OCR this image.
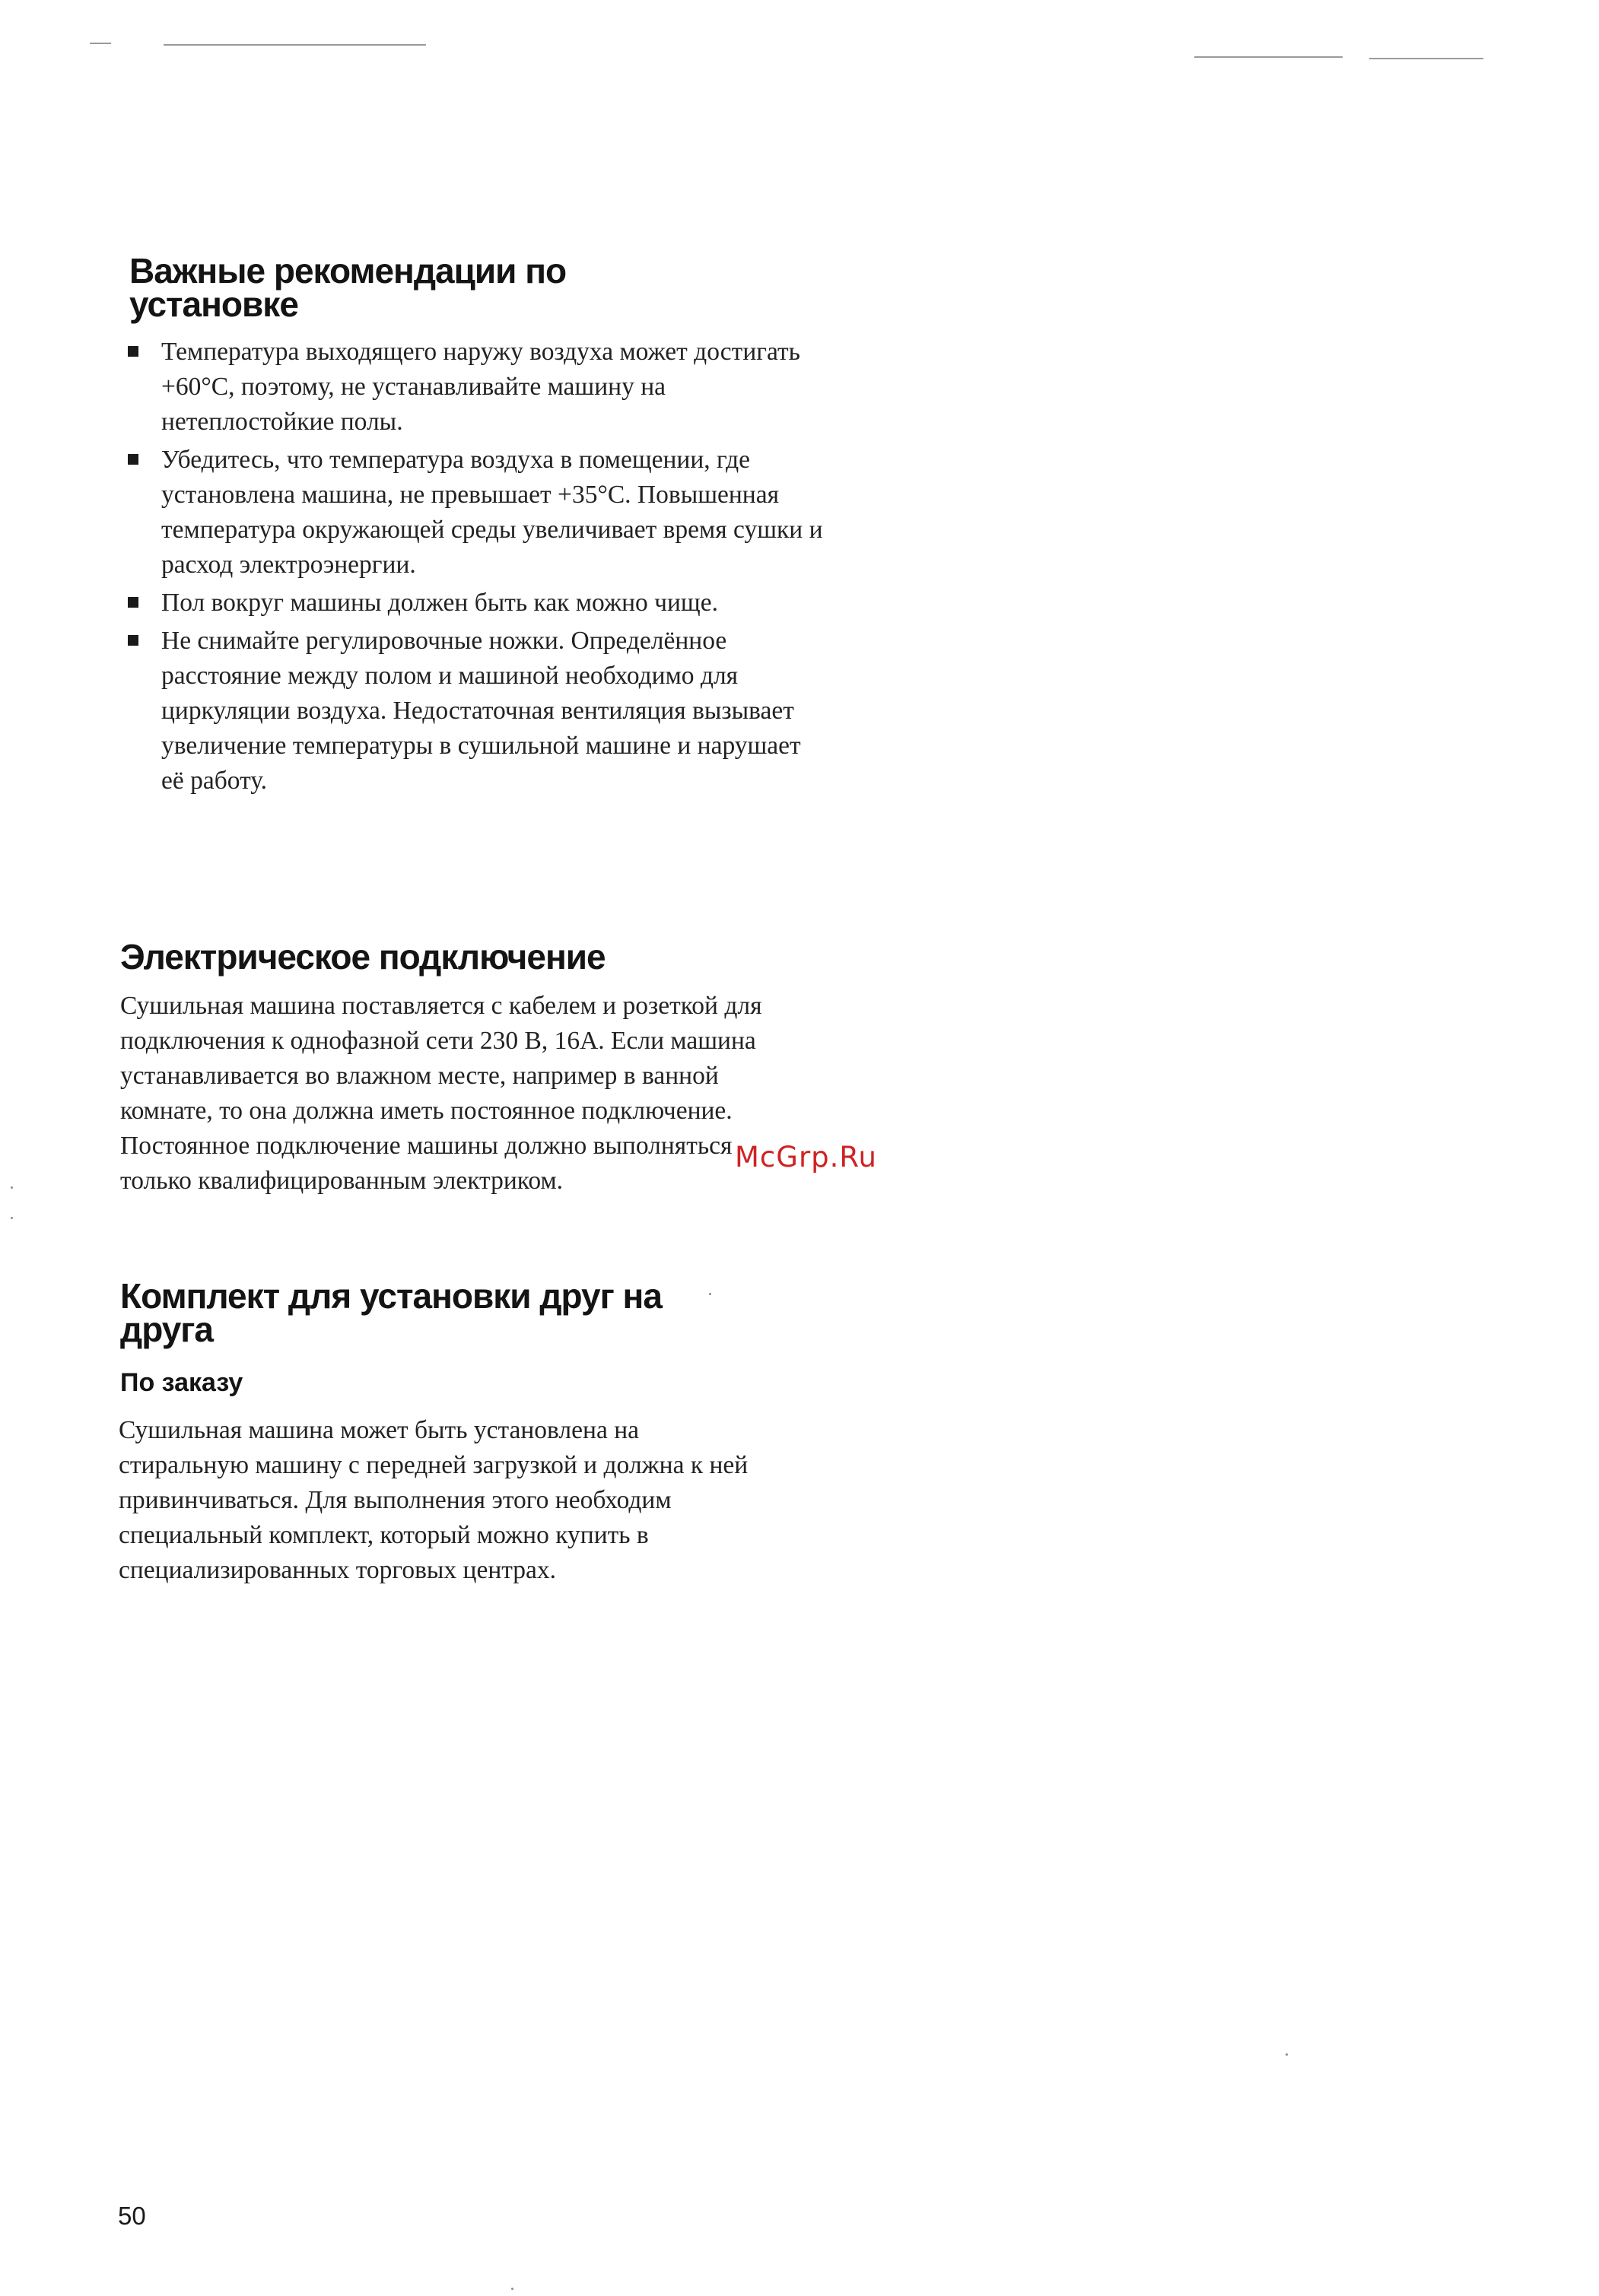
Важные рекомендации по установке
Температура выходящего наружу воздуха может достигать +60°C, поэтому, не устанавливайте машину на нетеплостойкие полы.
Убедитесь, что температура воздуха в помещении, где установлена машина, не превышает +35°C. Повышенная температура окружающей среды увеличивает время сушки и расход электроэнергии.
Пол вокруг машины должен быть как можно чище.
Не снимайте регулировочные ножки. Определённое расстояние между полом и машиной необходимо для циркуляции воздуха. Недостаточная вентиляция вызывает увеличение температуры в сушильной машине и нарушает её работу.
Электрическое подключение

Сушильная машина поставляется с кабелем и розеткой для подключения к однофазной сети 230 В, 16А. Если машина устанавливается во влажном месте, например в ванной комнате, то она должна иметь постоянное подключение. Постоянное подключение машины должно выполняться только квалифицированным электриком.

Комплект для установки друг на друга
По заказу

Сушильная машина может быть установлена на стиральную машину с передней загрузкой и должна к ней привинчиваться. Для выполнения этого необходим специальный комплект, который можно купить в специализированных торговых центрах.

McGrp.Ru
50
